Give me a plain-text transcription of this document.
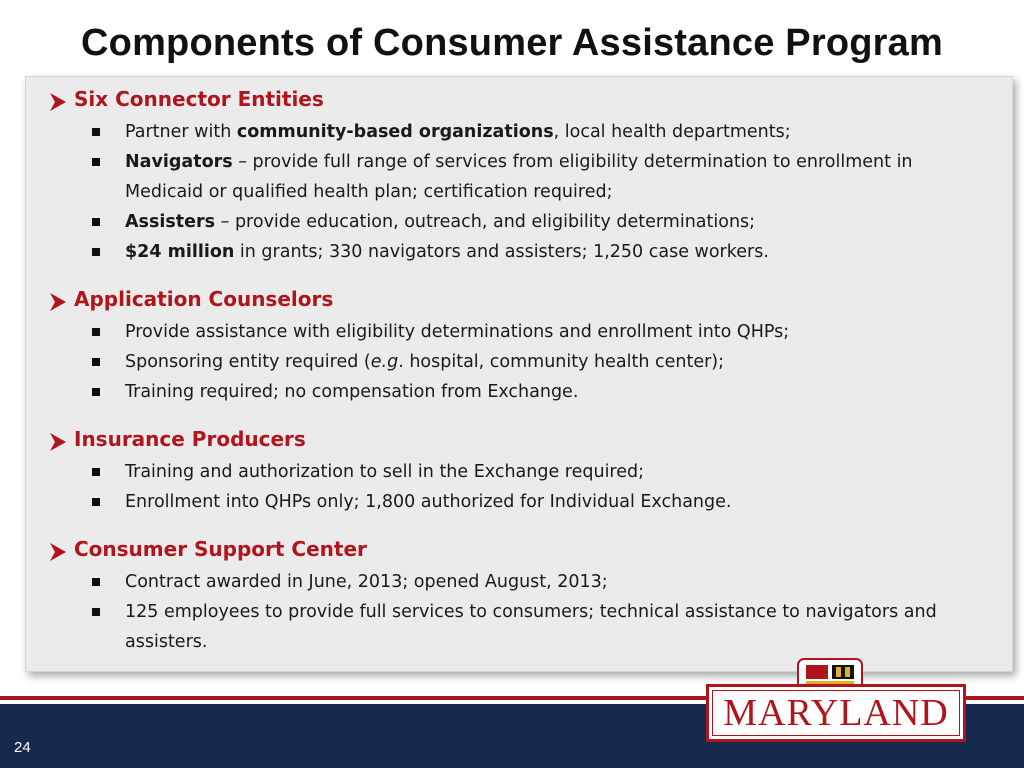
Components of Consumer Assistance Program
Six Connector Entities
Partner with community-based organizations, local health departments;
Navigators – provide full range of services from eligibility determination to enrollment in Medicaid or qualified health plan; certification required;
Assisters – provide education, outreach, and eligibility determinations;
$24 million in grants; 330 navigators and assisters; 1,250 case workers.
Application Counselors
Provide assistance with eligibility determinations and enrollment into QHPs;
Sponsoring entity required (e.g. hospital, community health center);
Training required; no compensation from Exchange.
Insurance Producers
Training and authorization to sell in the Exchange required;
Enrollment into QHPs only; 1,800 authorized for Individual Exchange.
Consumer Support Center
Contract awarded in June, 2013; opened August, 2013;
125 employees to provide full services to consumers; technical assistance to navigators and assisters.
24
MARYLAND
